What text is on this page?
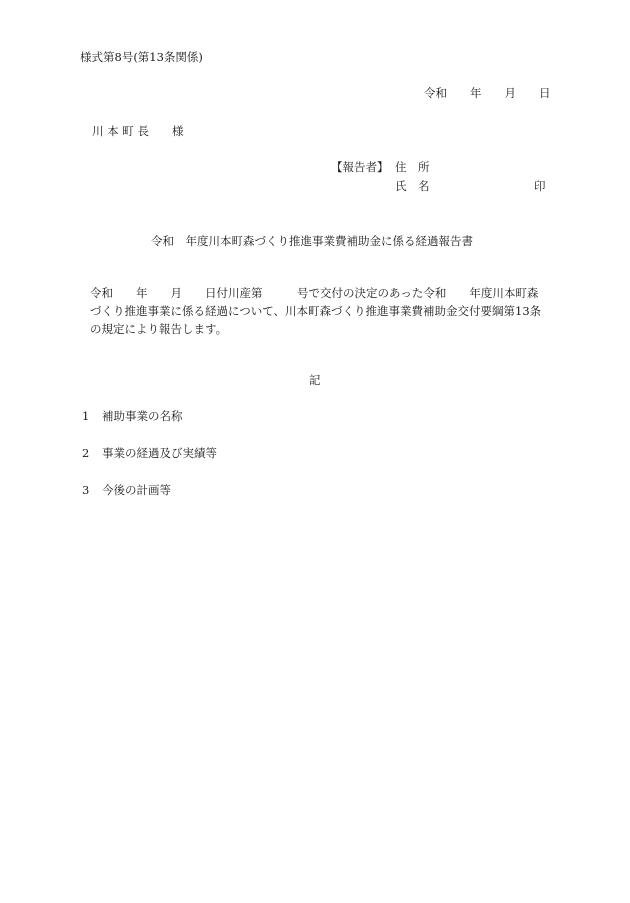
様式第8号(第13条関係)
令和　　年　　月　　日
川 本 町 長　　様
【報告者】 住　所
氏　名	印
令和　年度川本町森づくり推進事業費補助金に係る経過報告書
令和　　年　　月　　日付川産第　　　号で交付の決定のあった令和　　年度川本町森
づくり推進事業に係る経過について、川本町森づくり推進事業費補助金交付要綱第13条
の規定により報告します。
記
1 補助事業の名称
2 事業の経過及び実績等
3 今後の計画等
